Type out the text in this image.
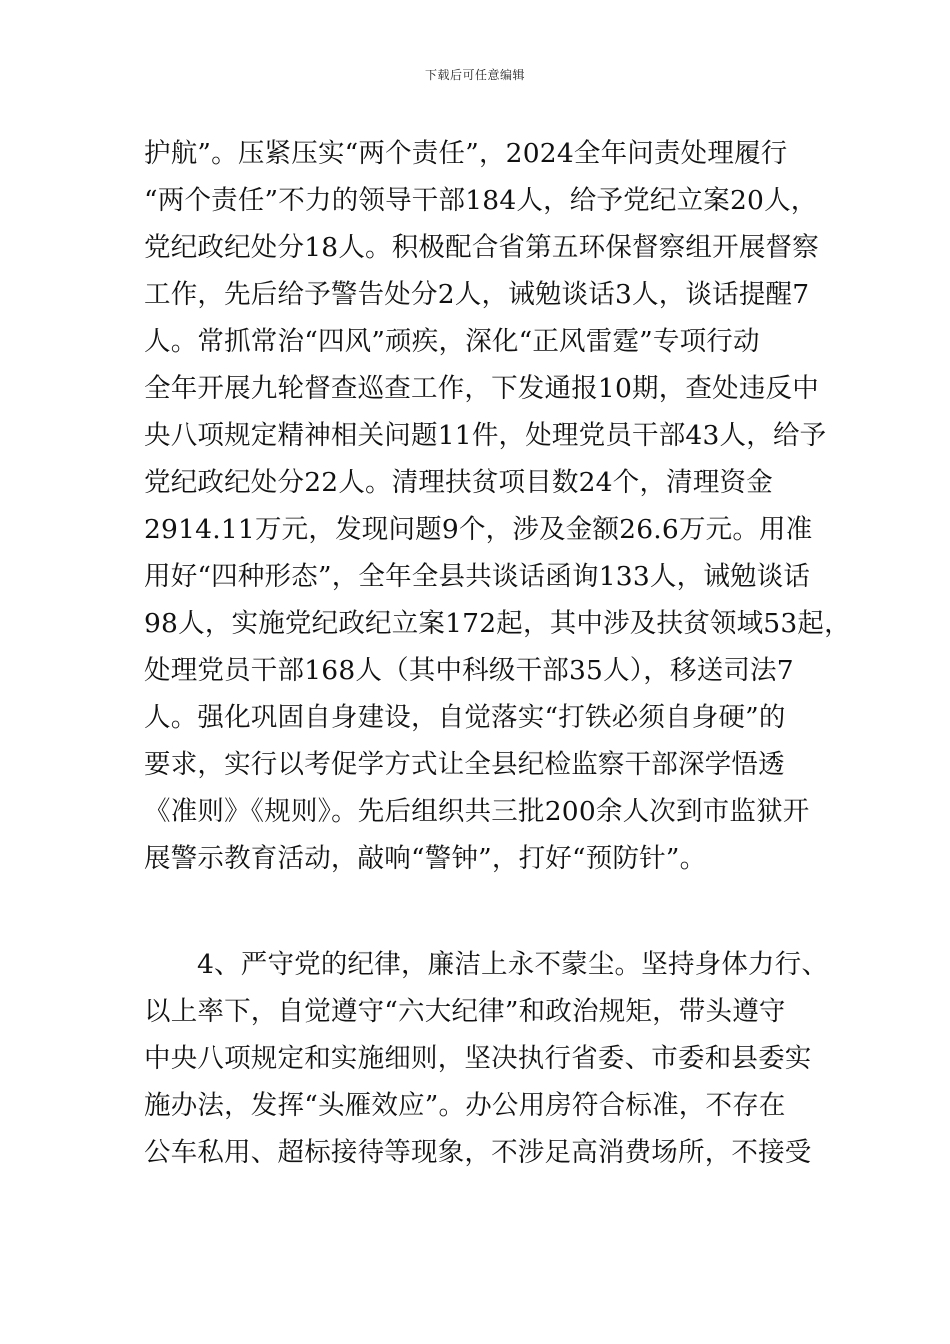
下载后可任意编辑
护航”。压紧压实“两个责任”，2024全年问责处理履行
“两个责任”不力的领导干部184人，给予党纪立案20人，
党纪政纪处分18人。积极配合省第五环保督察组开展督察
工作，先后给予警告处分2人，诫勉谈话3人，谈话提醒7
人。常抓常治“四风”顽疾，深化“正风雷霆”专项行动
全年开展九轮督查巡查工作，下发通报10期，查处违反中
央八项规定精神相关问题11件，处理党员干部43人，给予
党纪政纪处分22人。清理扶贫项目数24个，清理资金
2914.11万元，发现问题9个，涉及金额26.6万元。用准
用好“四种形态”，全年全县共谈话函询133人，诫勉谈话
98人，实施党纪政纪立案172起，其中涉及扶贫领域53起，
处理党员干部168人（其中科级干部35人），移送司法7
人。强化巩固自身建设，自觉落实“打铁必须自身硬”的
要求，实行以考促学方式让全县纪检监察干部深学悟透
《准则》《规则》。先后组织共三批200余人次到市监狱开
展警示教育活动，敲响“警钟”，打好“预防针”。
4、严守党的纪律，廉洁上永不蒙尘。坚持身体力行、
以上率下，自觉遵守“六大纪律”和政治规矩，带头遵守
中央八项规定和实施细则，坚决执行省委、市委和县委实
施办法，发挥“头雁效应”。办公用房符合标准，不存在
公车私用、超标接待等现象，不涉足高消费场所，不接受
